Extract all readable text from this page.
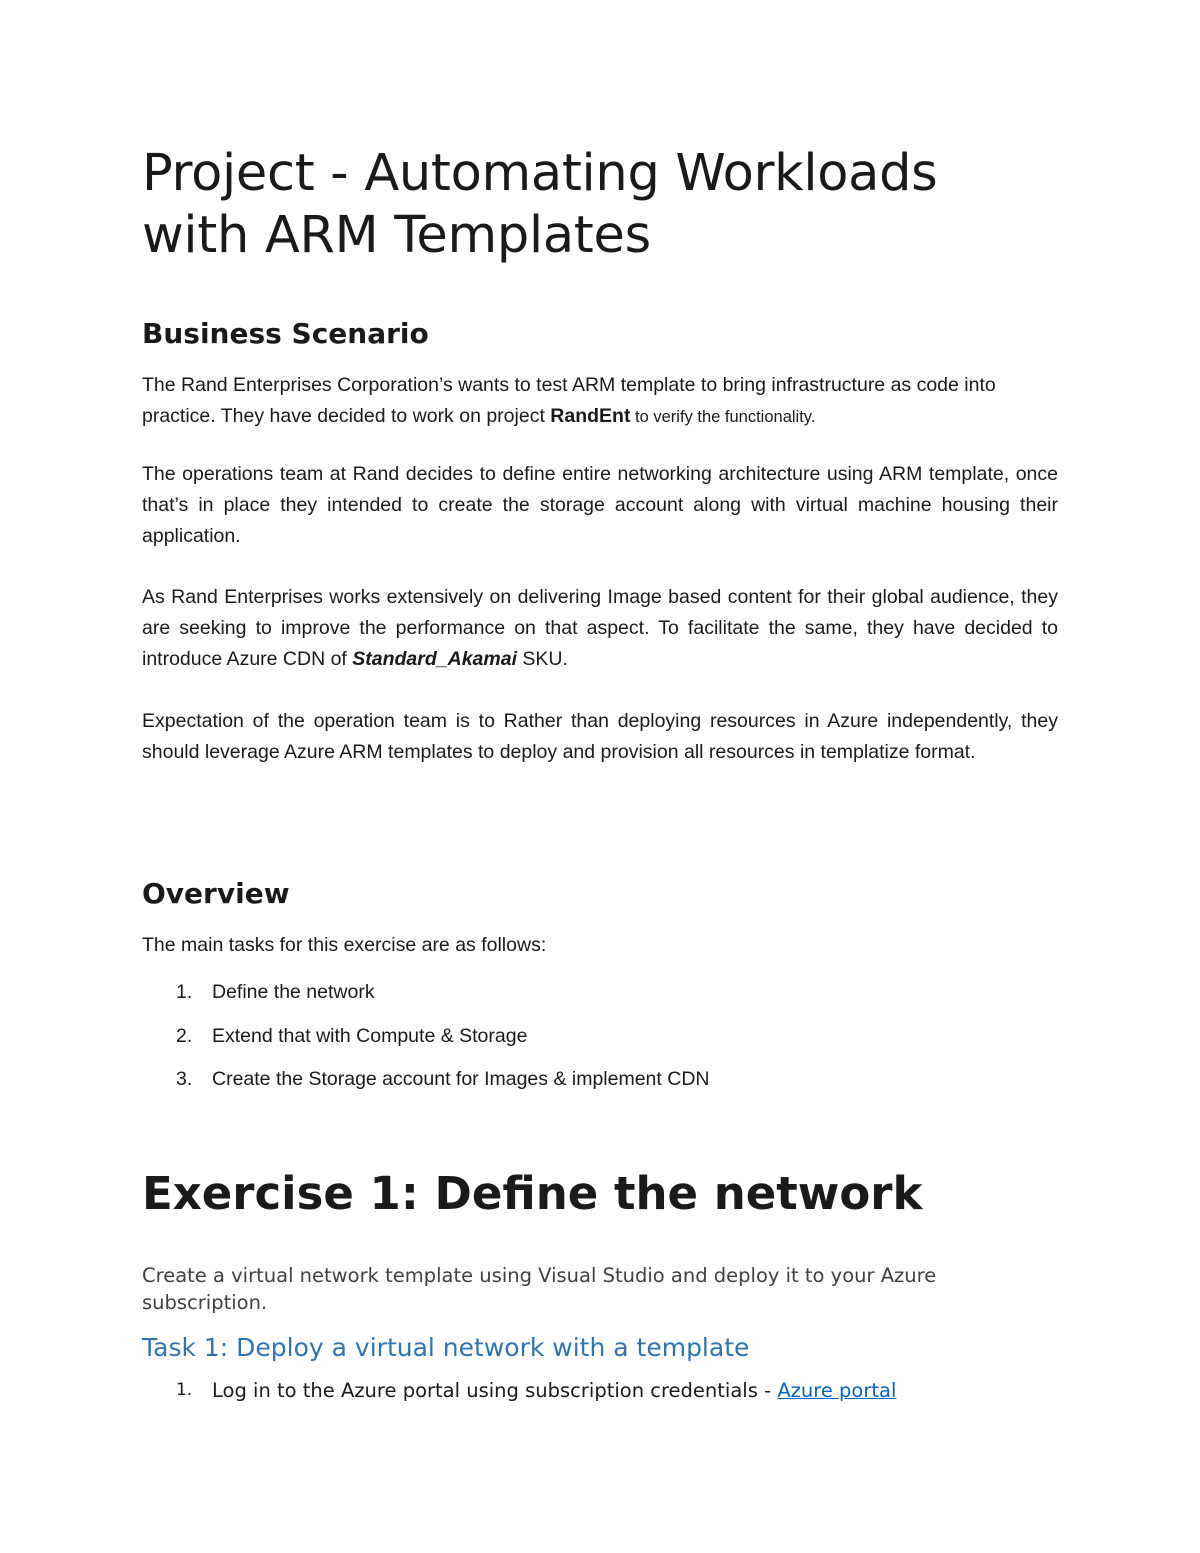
Project - Automating Workloads
with ARM Templates
Business Scenario

The Rand Enterprises Corporation’s wants to test ARM template to bring infrastructure as code into practice. They have decided to work on project RandEnt to verify the functionality.

The operations team at Rand decides to define entire networking architecture using ARM template, once that’s in place they intended to create the storage account along with virtual machine housing their application.

As Rand Enterprises works extensively on delivering Image based content for their global audience, they are seeking to improve the performance on that aspect. To facilitate the same, they have decided to introduce Azure CDN of Standard_Akamai SKU.

Expectation of the operation team is to Rather than deploying resources in Azure independently, they should leverage Azure ARM templates to deploy and provision all resources in templatize format.

Overview

The main tasks for this exercise are as follows:

1. Define the network
2. Extend that with Compute & Storage
3. Create the Storage account for Images & implement CDN
Exercise 1: Define the network

Create a virtual network template using Visual Studio and deploy it to your Azure subscription.

Task 1: Deploy a virtual network with a template
1. Log in to the Azure portal using subscription credentials - Azure portal
